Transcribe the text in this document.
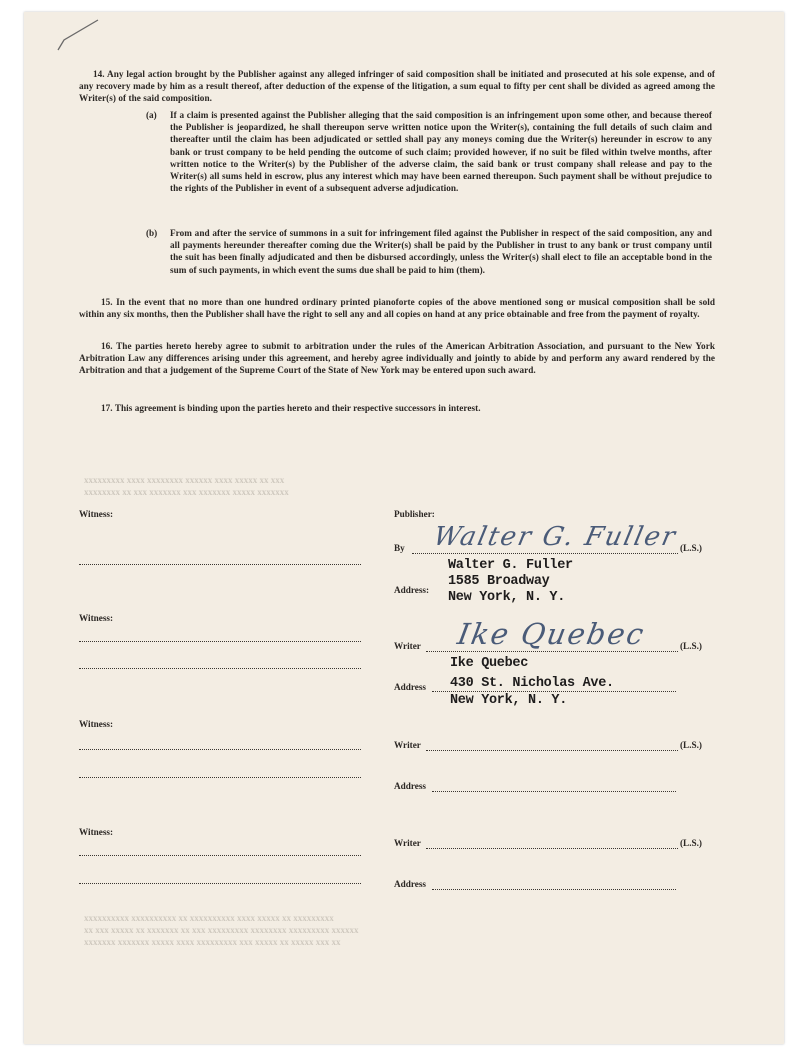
xxxxxxxxx xxxx xxxxxxxx xxxxxx xxxx xxxxx xx xxx
xxxxxxxx xx xxx xxxxxxx xxx xxxxxxx xxxxx xxxxxxx
xxxxxxxxxx xxxxxxxxxx xx xxxxxxxxxx xxxx xxxxx xx xxxxxxxxx
xx xxx xxxxx xx xxxxxxx xx xxx xxxxxxxxx xxxxxxxx xxxxxxxxx xxxxxx
xxxxxxx xxxxxxx xxxxx xxxx xxxxxxxxx xxx xxxxx xx xxxxx xxx xx
14. Any legal action brought by the Publisher against any alleged infringer of said composition shall be initiated and prosecuted at his sole expense, and of any recovery made by him as a result thereof, after deduction of the expense of the litigation, a sum equal to fifty per cent shall be divided as agreed among the Writer(s) of the said composition.
(a) If a claim is presented against the Publisher alleging that the said composition is an infringement upon some other, and because thereof the Publisher is jeopardized, he shall thereupon serve written notice upon the Writer(s), containing the full details of such claim and thereafter until the claim has been adjudicated or settled shall pay any moneys coming due the Writer(s) hereunder in escrow to any bank or trust company to be held pending the outcome of such claim; provided however, if no suit be filed within twelve months, after written notice to the Writer(s) by the Publisher of the adverse claim, the said bank or trust company shall release and pay to the Writer(s) all sums held in escrow, plus any interest which may have been earned thereupon. Such payment shall be without prejudice to the rights of the Publisher in event of a subsequent adverse adjudication.
(b) From and after the service of summons in a suit for infringement filed against the Publisher in respect of the said composition, any and all payments hereunder thereafter coming due the Writer(s) shall be paid by the Publisher in trust to any bank or trust company until the suit has been finally adjudicated and then be disbursed accordingly, unless the Writer(s) shall elect to file an acceptable bond in the sum of such payments, in which event the sums due shall be paid to him (them).
15. In the event that no more than one hundred ordinary printed pianoforte copies of the above mentioned song or musical composition shall be sold within any six months, then the Publisher shall have the right to sell any and all copies on hand at any price obtainable and free from the payment of royalty.
16. The parties hereto hereby agree to submit to arbitration under the rules of the American Arbitration Association, and pursuant to the New York Arbitration Law any differences arising under this agreement, and hereby agree individually and jointly to abide by and perform any award rendered by the Arbitration and that a judgement of the Supreme Court of the State of New York may be entered upon such award.
17. This agreement is binding upon the parties hereto and their respective successors in interest.
Witness:	Publisher:
By Walter G. Fuller (L.S.)
Address:
Walter G. Fuller
1585 Broadway
New York, N. Y.
Witness:
Writer Ike Quebec	(L.S.)
Address
Ike Quebec
430 St. Nicholas Ave.
New York, N. Y.
Witness:
Writer	(L.S.)
Address
Witness:
Writer	(L.S.)
Address
